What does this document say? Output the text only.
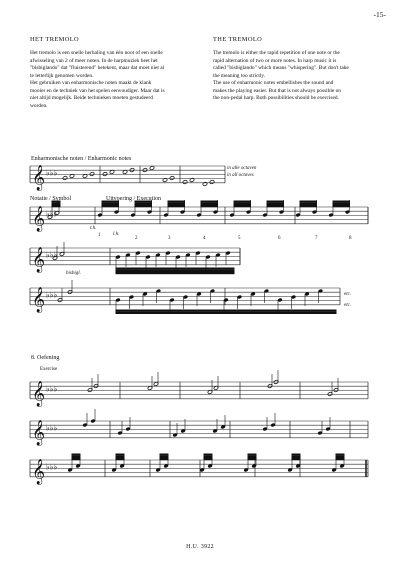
-15-
HET TREMOLO
Het tremolo is een snelle herhaling van één noot of een snelle
afwisseling van 2 of meer noten. In de harpmuziek heet het
"bisbiglando" dat "fluisterend" betekent, maar dat moet niet al
te letterlijk genomen worden.
Het gebruiken van enharmonische noten maakt de klank
mooier en de techniek van het spelen eenvoudiger. Maar dat is
niet altijd mogelijk. Beide technieken moeten gestudeerd
worden.
THE TREMOLO
The tremolo is either the rapid repetition of one note or the
rapid alternation of two or more notes. In harp music it is
called "bisbiglando" which means "whispering". But don't take
the meaning too strictly.
The use of enharmonic notes embellishes the sound and
makes the playing easier. But that is not always possible on
the non-pedal harp. Both possibilities should be exercised.
𝄞 ♭♭♭
𝄞 ♭♭♭
𝄞 ♭♭♭
𝄞 ♭♭♭
𝄞 ♭♭♭
𝄞 ♭♭♭
𝄞 ♭♭♭
Enharmonische noten / Enharmonic notes
in alle octaven
in all octaves
Notatie / Symbol	Uitvoering / Execution
r.h.
l.h.
1
2	3	4	5	6	7	8
bisbigl.	1	2	3	4
etc.
etc.
8. Oefening
Exercise
H.U. 3922
